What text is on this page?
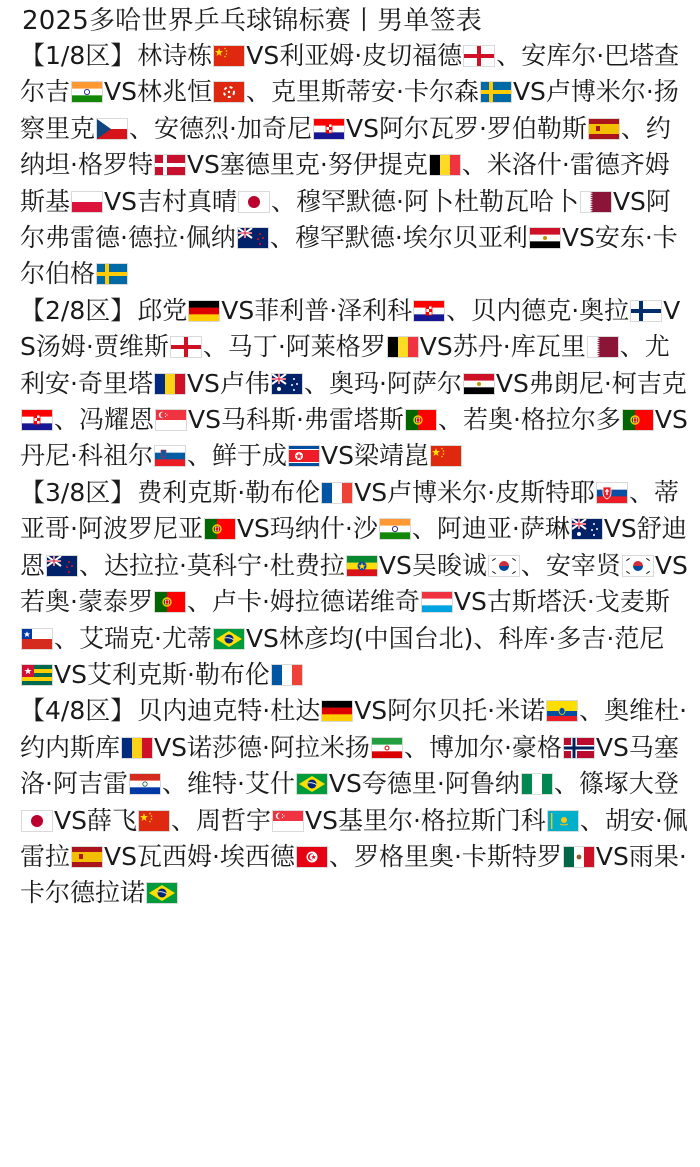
2025多哈世界乒乓球锦标赛丨男单签表

【1/8区】林诗栋 VS利亚姆·皮切福德 、安库尔·巴塔查尔吉 VS林兆恒 、克里斯蒂安·卡尔森 VS卢博米尔·扬察里克 、安德烈·加奇尼 VS阿尔瓦罗·罗伯勒斯 、约纳坦·格罗特 VS塞德里克·努伊提克 、米洛什·雷德齐姆斯基 VS吉村真晴 、穆罕默德·阿卜杜勒瓦哈卜 VS阿尔弗雷德·德拉·佩纳 、穆罕默德·埃尔贝亚利 VS安东·卡尔伯格

【2/8区】邱党 VS菲利普·泽利科 、贝内德克·奥拉 VS汤姆·贾维斯 、马丁·阿莱格罗 VS苏丹·库瓦里 、尤利安·奇里塔 VS卢伟 、奥玛·阿萨尔 VS弗朗尼·柯吉克
、冯耀恩 VS马科斯·弗雷塔斯 、若奥·格拉尔多 VS丹尼·科祖尔 、鲜于成 VS梁靖崑

【3/8区】费利克斯·勒布伦 VS卢博米尔·皮斯特耶 、蒂亚哥·阿波罗尼亚 VS玛纳什·沙 、阿迪亚·萨琳 VS舒迪恩 、达拉拉·莫科宁·杜费拉 VS吴晙诚 、安宰贤 VS若奥·蒙泰罗 、卢卡·姆拉德诺维奇 VS古斯塔沃·戈麦斯
、艾瑞克·尤蒂 VS林彦均(中国台北)、科库·多吉·范尼
VS艾利克斯·勒布伦

【4/8区】贝内迪克特·杜达 VS阿尔贝托·米诺 、奥维杜·约内斯库 VS诺莎德·阿拉米扬 、博加尔·豪格 VS马塞洛·阿吉雷 、维特·艾什 VS夸德里·阿鲁纳 、篠塚大登
VS薛飞 、周哲宇 VS基里尔·格拉斯门科 、胡安·佩雷拉 VS瓦西姆·埃西德 、罗格里奥·卡斯特罗 VS雨果·卡尔德拉诺
